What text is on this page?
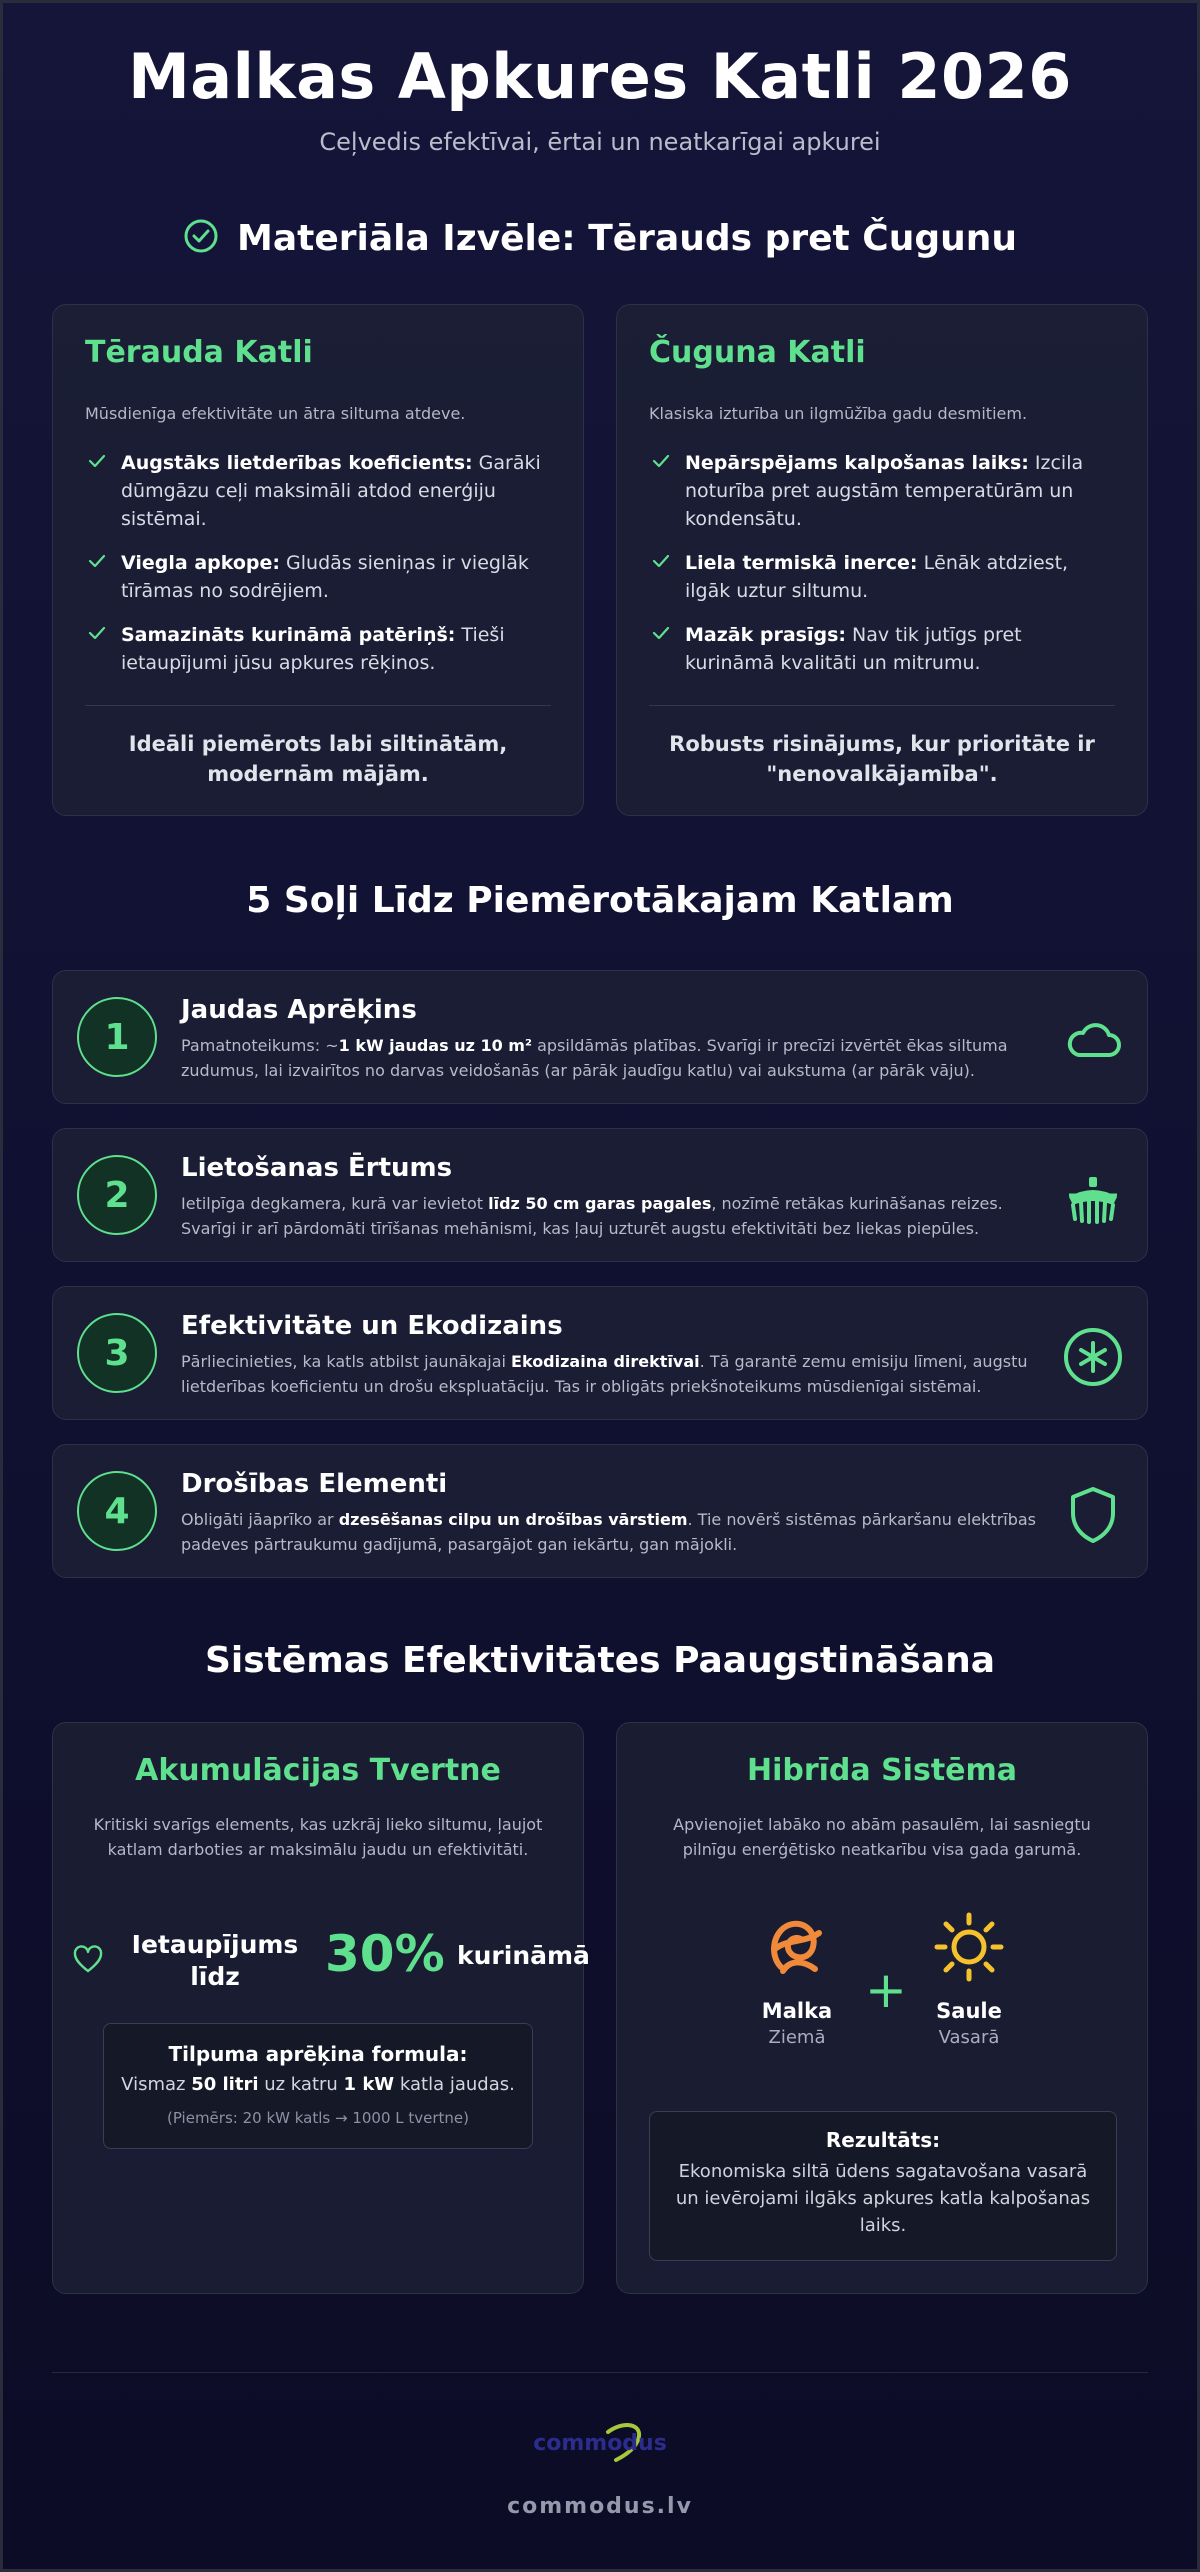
Malkas Apkures Katli 2026
Ceļvedis efektīvai, ērtai un neatkarīgai apkurei
Materiāla Izvēle: Tērauds pret Čugunu
Tērauda Katli

Mūsdienīga efektivitāte un ātra siltuma atdeve.

Augstāks lietderības koeficients: Garāki dūmgāzu ceļi maksimāli atdod enerģiju sistēmai.
Viegla apkope: Gludās sieniņas ir vieglāk tīrāmas no sodrējiem.
Samazināts kurināmā patēriņš: Tieši ietaupījumi jūsu apkures rēķinos.
Ideāli piemērots labi siltinātām, modernām mājām.
Čuguna Katli

Klasiska izturība un ilgmūžība gadu desmitiem.

Nepārspējams kalpošanas laiks: Izcila noturība pret augstām temperatūrām un kondensātu.
Liela termiskā inerce: Lēnāk atdziest, ilgāk uztur siltumu.
Mazāk prasīgs: Nav tik jutīgs pret kurināmā kvalitāti un mitrumu.
Robusts risinājums, kur prioritāte ir "nenovalkājamība".
5 Soļi Līdz Piemērotākajam Katlam
1
Jaudas Aprēķins
Pamatnoteikums: ~1 kW jaudas uz 10 m² apsildāmās platības. Svarīgi ir precīzi izvērtēt ēkas siltuma zudumus, lai izvairītos no darvas veidošanās (ar pārāk jaudīgu katlu) vai aukstuma (ar pārāk vāju).
2
Lietošanas Ērtums
Ietilpīga degkamera, kurā var ievietot līdz 50 cm garas pagales, nozīmē retākas kurināšanas reizes. Svarīgi ir arī pārdomāti tīrīšanas mehānismi, kas ļauj uzturēt augstu efektivitāti bez liekas piepūles.
3
Efektivitāte un Ekodizains
Pārliecinieties, ka katls atbilst jaunākajai Ekodizaina direktīvai. Tā garantē zemu emisiju līmeni, augstu lietderības koeficientu un drošu ekspluatāciju. Tas ir obligāts priekšnoteikums mūsdienīgai sistēmai.
4
Drošības Elementi
Obligāti jāaprīko ar dzesēšanas cilpu un drošības vārstiem. Tie novērš sistēmas pārkaršanu elektrības padeves pārtraukumu gadījumā, pasargājot gan iekārtu, gan mājokli.
Sistēmas Efektivitātes Paaugstināšana
Akumulācijas Tvertne

Kritiski svarīgs elements, kas uzkrāj lieko siltumu, ļaujot katlam darboties ar maksimālu jaudu un efektivitāti.

Ietaupījums līdz	30% kurināmā
Tilpuma aprēķina formula:
Vismaz 50 litri uz katru 1 kW katla jaudas.
(Piemērs: 20 kW katls → 1000 L tvertne)
Hibrīda Sistēma

Apvienojiet labāko no abām pasaulēm, lai sasniegtu pilnīgu enerģētisko neatkarību visa gada garumā.

Malka
Ziemā
+	Saule
Vasarā
Rezultāts:
Ekonomiska siltā ūdens sagatavošana vasarā un ievērojami ilgāks apkures katla kalpošanas laiks.
commodus
commodus.lv
